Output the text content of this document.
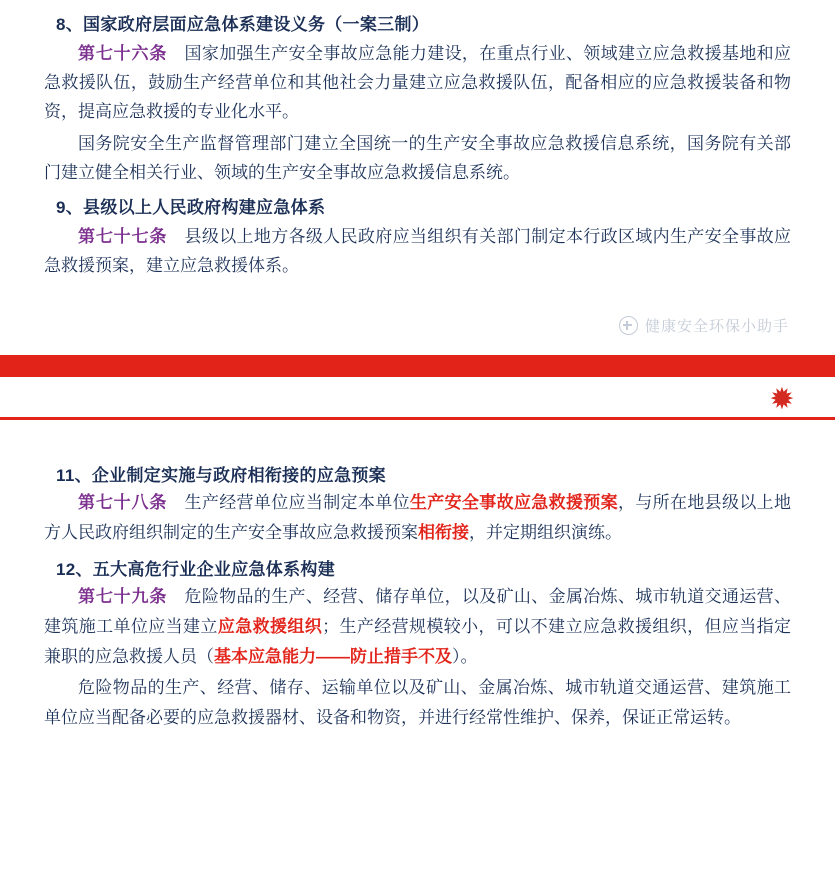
8、国家政府层面应急体系建设义务（一案三制）

第七十六条　国家加强生产安全事故应急能力建设，在重点行业、领域建立应急救援基地和应急救援队伍，鼓励生产经营单位和其他社会力量建立应急救援队伍，配备相应的应急救援装备和物资，提高应急救援的专业化水平。

国务院安全生产监督管理部门建立全国统一的生产安全事故应急救援信息系统，国务院有关部门建立健全相关行业、领域的生产安全事故应急救援信息系统。

9、县级以上人民政府构建应急体系

第七十七条　县级以上地方各级人民政府应当组织有关部门制定本行政区域内生产安全事故应急救援预案，建立应急救援体系。

健康安全环保小助手
✹
11、企业制定实施与政府相衔接的应急预案

第七十八条　生产经营单位应当制定本单位生产安全事故应急救援预案，与所在地县级以上地方人民政府组织制定的生产安全事故应急救援预案相衔接，并定期组织演练。

12、五大高危行业企业应急体系构建

第七十九条　危险物品的生产、经营、储存单位，以及矿山、金属冶炼、城市轨道交通运营、建筑施工单位应当建立应急救援组织；生产经营规模较小，可以不建立应急救援组织，但应当指定兼职的应急救援人员（基本应急能力——防止措手不及）。

危险物品的生产、经营、储存、运输单位以及矿山、金属冶炼、城市轨道交通运营、建筑施工单位应当配备必要的应急救援器材、设备和物资，并进行经常性维护、保养，保证正常运转。
